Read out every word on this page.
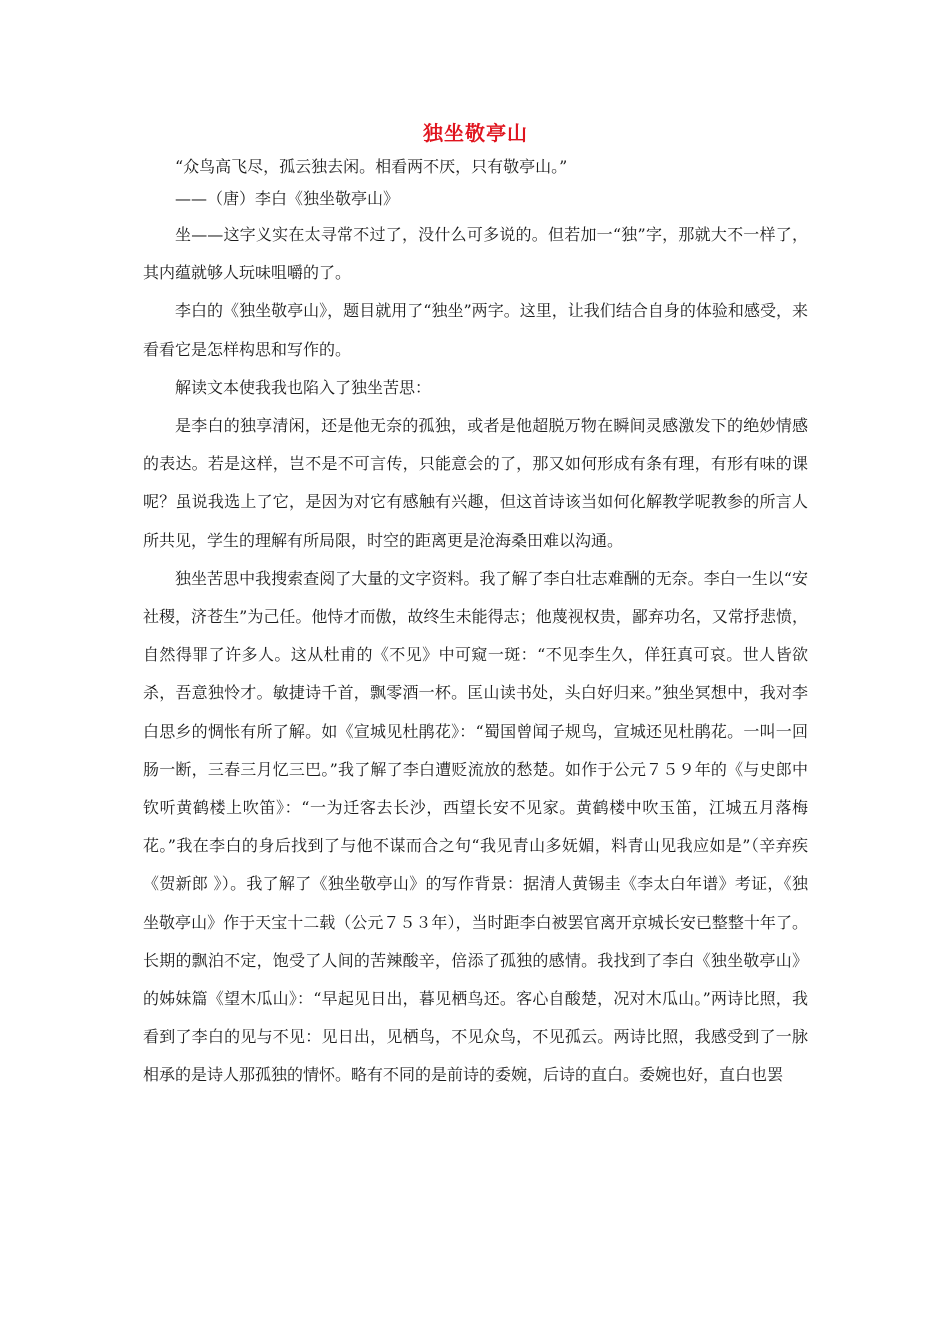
独坐敬亭山

“众鸟高飞尽，孤云独去闲。相看两不厌，只有敬亭山。”

——（唐）李白《独坐敬亭山》

坐——这字义实在太寻常不过了，没什么可多说的。但若加一“独”字，那就大不一样了，其内蕴就够人玩味咀嚼的了。

李白的《独坐敬亭山》，题目就用了“独坐”两字。这里，让我们结合自身的体验和感受，来看看它是怎样构思和写作的。

解读文本使我我也陷入了独坐苦思：

是李白的独享清闲，还是他无奈的孤独，或者是他超脱万物在瞬间灵感激发下的绝妙情感的表达。若是这样，岂不是不可言传，只能意会的了，那又如何形成有条有理，有形有味的课呢？虽说我选上了它，是因为对它有感触有兴趣，但这首诗该当如何化解教学呢教参的所言人所共见，学生的理解有所局限，时空的距离更是沧海桑田难以沟通。

独坐苦思中我搜索查阅了大量的文字资料。我了解了李白壮志难酬的无奈。李白一生以“安社稷，济苍生”为己任。他恃才而傲，故终生未能得志；他蔑视权贵，鄙弃功名，又常抒悲愤，自然得罪了许多人。这从杜甫的《不见》中可窥一斑：“不见李生久，佯狂真可哀。世人皆欲杀，吾意独怜才。敏捷诗千首，飘零酒一杯。匡山读书处，头白好归来。”独坐冥想中，我对李白思乡的惆怅有所了解。如《宣城见杜鹃花》：“蜀国曾闻子规鸟，宣城还见杜鹃花。一叫一回肠一断，三春三月忆三巴。”我了解了李白遭贬流放的愁楚。如作于公元７５９年的《与史郎中钦听黄鹤楼上吹笛》：“一为迁客去长沙，西望长安不见家。黄鹤楼中吹玉笛，江城五月落梅花。”我在李白的身后找到了与他不谋而合之句“我见青山多妩媚，料青山见我应如是”（辛弃疾《贺新郎 》）。我了解了《独坐敬亭山》的写作背景：据清人黄锡圭《李太白年谱》考证，《独坐敬亭山》作于天宝十二载（公元７５３年），当时距李白被罢官离开京城长安已整整十年了。长期的飘泊不定，饱受了人间的苦辣酸辛，倍添了孤独的感情。我找到了李白《独坐敬亭山》的姊妹篇《望木瓜山》：“早起见日出，暮见栖鸟还。客心自酸楚，况对木瓜山。”两诗比照，我看到了李白的见与不见：见日出，见栖鸟，不见众鸟，不见孤云。两诗比照，我感受到了一脉相承的是诗人那孤独的情怀。略有不同的是前诗的委婉，后诗的直白。委婉也好，直白也罢
